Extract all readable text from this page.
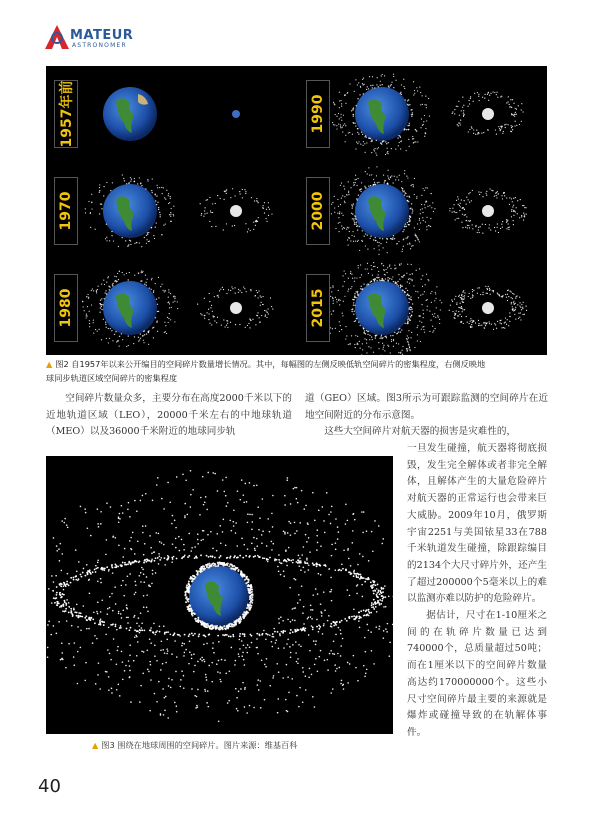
MATEUR
ASTRONOMER
1957年前	1990
1970	2000
1980	2015
▲ 图2 自1957年以来公开编目的空间碎片数量增长情况。其中，每幅图的左侧反映低轨空间碎片的密集程度，右侧反映地
球同步轨道区域空间碎片的密集程度
空间碎片数量众多，主要分布在高度2000千米以下的近地轨道区域（LEO），20000千米左右的中地球轨道（MEO）以及36000千米附近的地球同步轨
道（GEO）区域。图3所示为可跟踪监测的空间碎片在近地空间附近的分布示意图。
这些大空间碎片对航天器的损害是灾难性的，
▲ 图3 围绕在地球周围的空间碎片。图片来源：维基百科
一旦发生碰撞，航天器将彻底损毁，发生完全解体或者非完全解体，且解体产生的大量危险碎片对航天器的正常运行也会带来巨大威胁。2009年10月，俄罗斯宇宙2251与美国铱星33在788千米轨道发生碰撞，除跟踪编目的2134个大尺寸碎片外，还产生了超过200000个5毫米以上的难以监测亦难以防护的危险碎片。
据估计，尺寸在1-10厘米之间的在轨碎片数量已达到740000个，总质量超过50吨；而在1厘米以下的空间碎片数量高达约170000000个。这些小尺寸空间碎片最主要的来源就是爆炸或碰撞导致的在轨解体事件。
40
